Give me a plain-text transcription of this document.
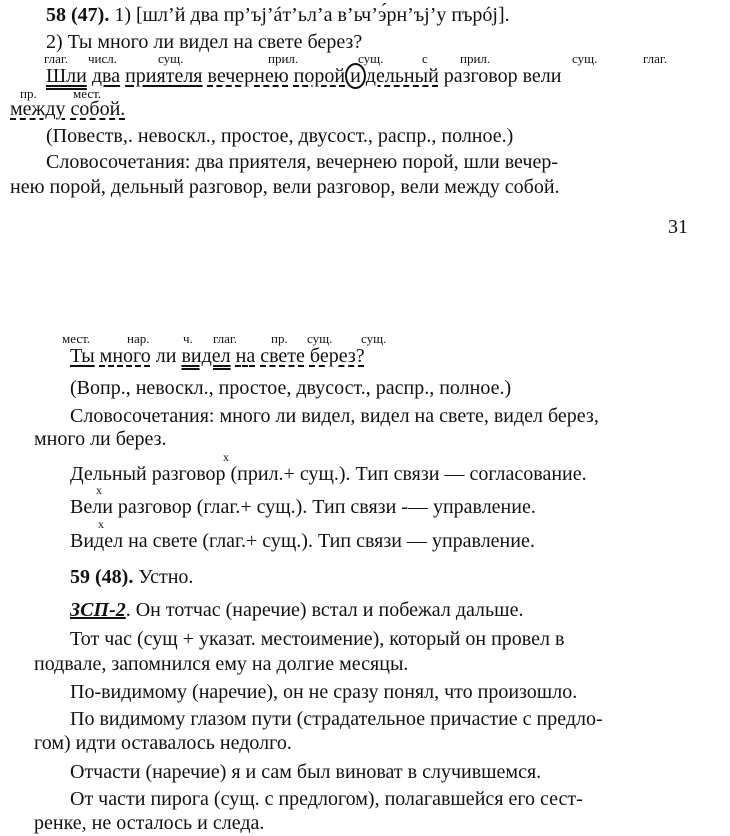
58 (47). 1) [шл’й два пр’ъj’áт’ьл’а в’ьч’э́рн’ъj’у пърój].
2) Ты много ли видел на свете берез?
глаг. числ.	сущ.	прил.	сущ.	с прил.	сущ.	глаг.
Шли два приятеля вечернею порой и дельный разговор вели
пр.	мест.
между собой.
(Повеств,. невоскл., простое, двусост., распр., полное.)
Словосочетания: два приятеля, вечернею порой, шли вечер-
нею порой, дельный разговор, вели разговор, вели между собой.
31
мест.	нар.	ч. глаг.	пр. сущ. сущ.
Ты много ли видел на свете берез?
(Вопр., невоскл., простое, двусост., распр., полное.)
Словосочетания: много ли видел, видел на свете, видел берез,
много ли берез.
х
Дельный разговор (прил.+ сущ.). Тип связи — согласование.
х
Вели разговор (глаг.+ сущ.). Тип связи -— управление.
х
Видел на свете (глаг.+ сущ.). Тип связи — управление.
59 (48). Устно.
ЗСП-2. Он тотчас (наречие) встал и побежал дальше.
Тот час (сущ + указат. местоимение), который он провел в
подвале, запомнился ему на долгие месяцы.
По-видимому (наречие), он не сразу понял, что произошло.
По видимому глазом пути (страдательное причастие с предло-
гом) идти оставалось недолго.
Отчасти (наречие) я и сам был виноват в случившемся.
От части пирога (сущ. с предлогом), полагавшейся его сест-
ренке, не осталось и следа.
